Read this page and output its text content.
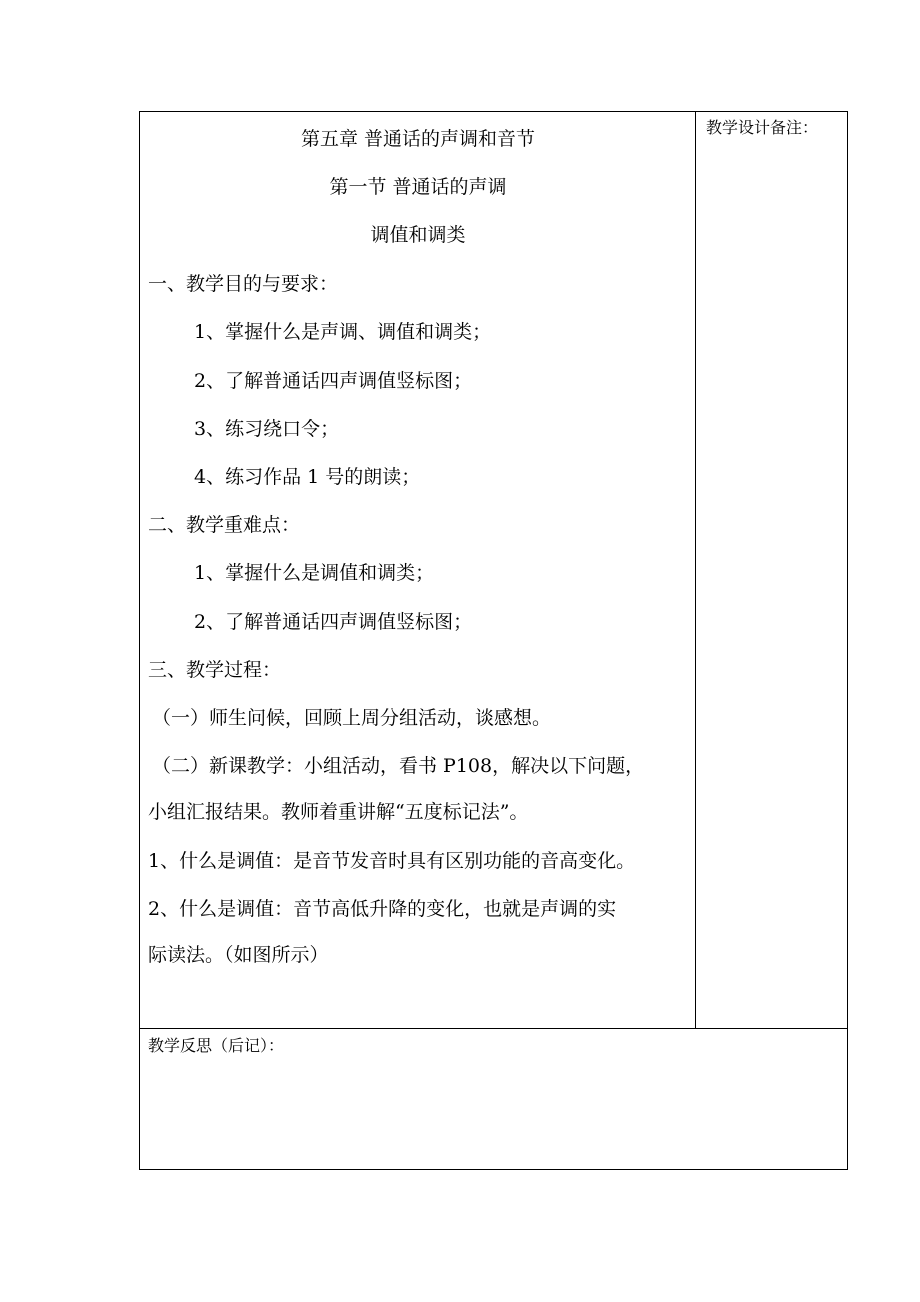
第五章 普通话的声调和音节
第一节 普通话的声调
调值和调类
一、教学目的与要求：
1、掌握什么是声调、调值和调类；
2、了解普通话四声调值竖标图；
3、练习绕口令；
4、练习作品 1 号的朗读；
二、教学重难点：
1、掌握什么是调值和调类；
2、了解普通话四声调值竖标图；
三、教学过程：
（一）师生问候，回顾上周分组活动，谈感想。
（二）新课教学：小组活动，看书 P108，解决以下问题，
小组汇报结果。教师着重讲解“五度标记法”。
1、什么是调值：是音节发音时具有区别功能的音高变化。
2、什么是调值：音节高低升降的变化，也就是声调的实
际读法。（如图所示）
教学设计备注：
教学反思（后记）：
